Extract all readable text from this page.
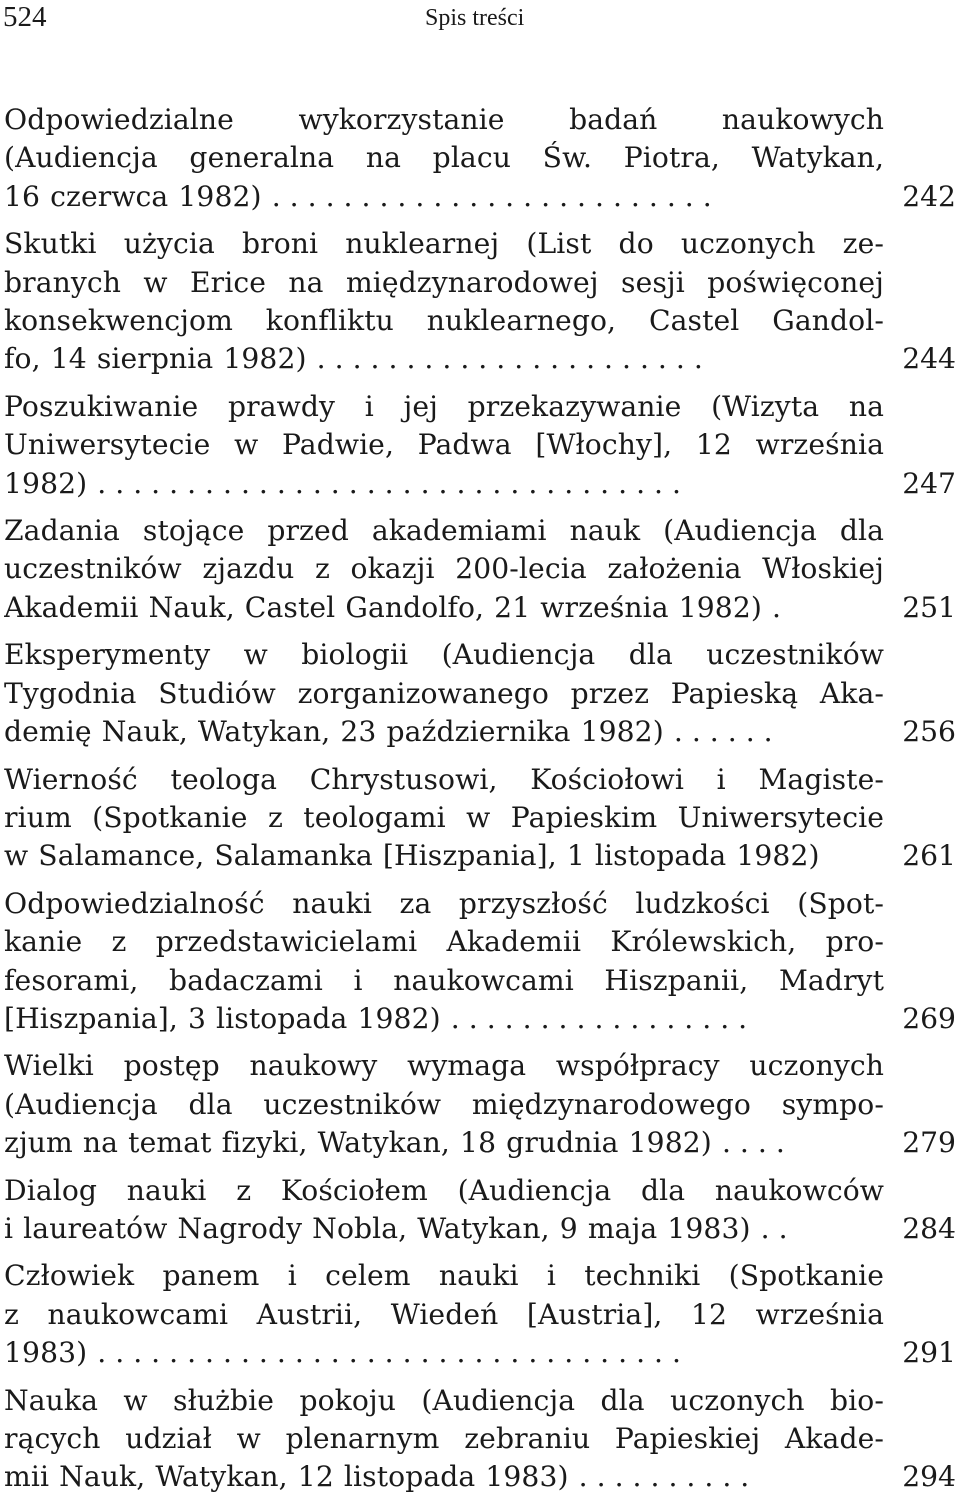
524	Spis treści
Odpowiedzialne wykorzystanie badań naukowych
(Audiencja generalna na placu Św. Piotra, Watykan,
16 czerwca 1982) .........................	242
Skutki użycia broni nuklearnej (List do uczonych ze-
branych w Erice na międzynarodowej sesji poświęconej
konsekwencjom konfliktu nuklearnego, Castel Gandol-
fo, 14 sierpnia 1982) ......................	244
Poszukiwanie prawdy i jej przekazywanie (Wizyta na
Uniwersytecie w Padwie, Padwa [Włochy], 12 września
1982) .................................	247
Zadania stojące przed akademiami nauk (Audiencja dla
uczestników zjazdu z okazji 200-lecia założenia Włoskiej
Akademii Nauk, Castel Gandolfo, 21 września 1982) .	251
Eksperymenty w biologii (Audiencja dla uczestników
Tygodnia Studiów zorganizowanego przez Papieską Aka-
demię Nauk, Watykan, 23 października 1982) ......	256
Wierność teologa Chrystusowi, Kościołowi i Magiste-
rium (Spotkanie z teologami w Papieskim Uniwersytecie
w Salamance, Salamanka [Hiszpania], 1 listopada 1982)	261
Odpowiedzialność nauki za przyszłość ludzkości (Spot-
kanie z przedstawicielami Akademii Królewskich, pro-
fesorami, badaczami i naukowcami Hiszpanii, Madryt
[Hiszpania], 3 listopada 1982) .................	269
Wielki postęp naukowy wymaga współpracy uczonych
(Audiencja dla uczestników międzynarodowego sympo-
zjum na temat fizyki, Watykan, 18 grudnia 1982) ....	279
Dialog nauki z Kościołem (Audiencja dla naukowców
i laureatów Nagrody Nobla, Watykan, 9 maja 1983) ..	284
Człowiek panem i celem nauki i techniki (Spotkanie
z naukowcami Austrii, Wiedeń [Austria], 12 września
1983) .................................	291
Nauka w służbie pokoju (Audiencja dla uczonych bio-
rących udział w plenarnym zebraniu Papieskiej Akade-
mii Nauk, Watykan, 12 listopada 1983) ..........	294
